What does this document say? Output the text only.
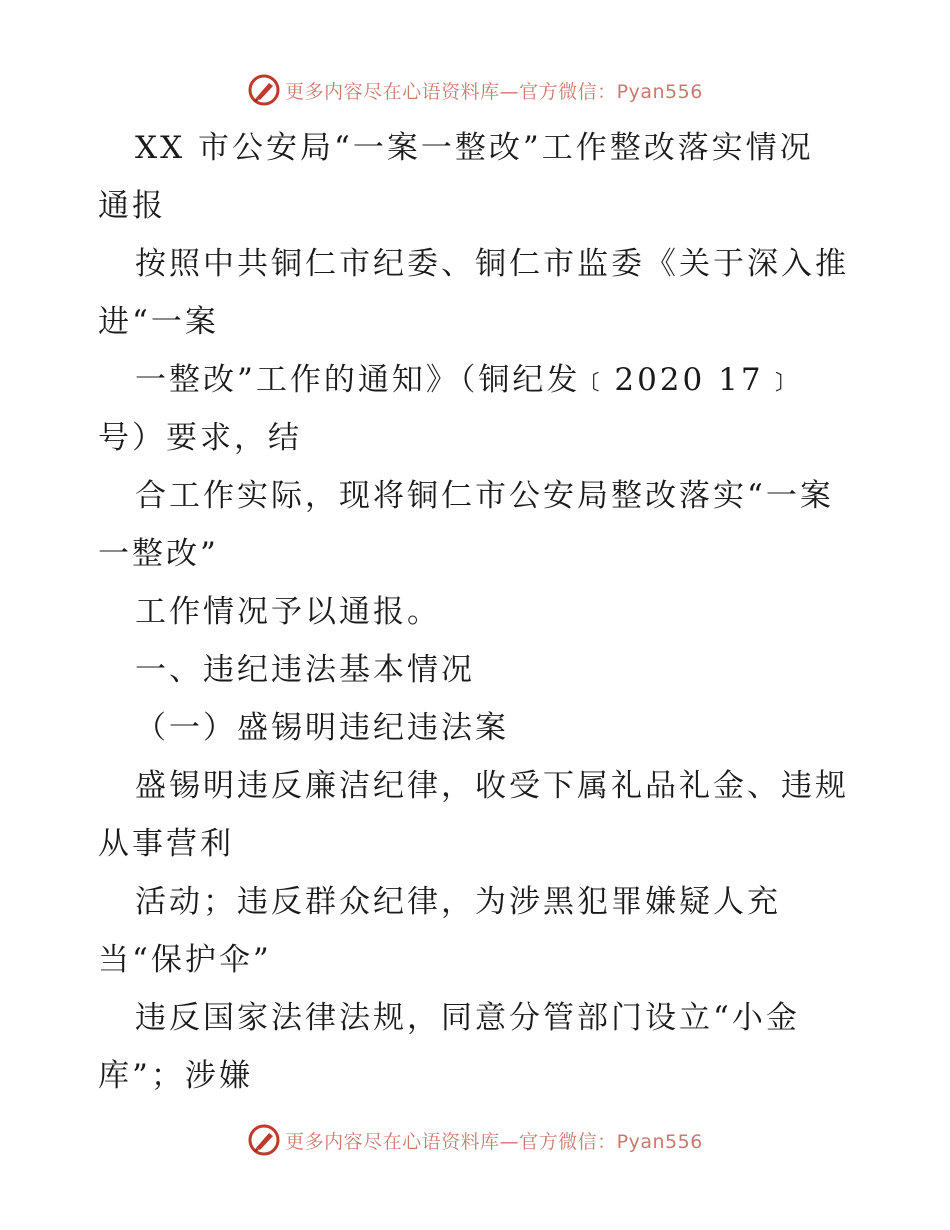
更多内容尽在心语资料库—官方微信：Pyan556
XX 市公安局“一案一整改”工作整改落实情况
通报
按照中共铜仁市纪委、铜仁市监委《关于深入推
进“一案
一整改”工作的通知》（铜纪发﹝2020 17﹞
号）要求，结
合工作实际，现将铜仁市公安局整改落实“一案
一整改”
工作情况予以通报。
一、违纪违法基本情况
（一）盛锡明违纪违法案
盛锡明违反廉洁纪律，收受下属礼品礼金、违规
从事营利
活动；违反群众纪律，为涉黑犯罪嫌疑人充
当“保护伞”
违反国家法律法规，同意分管部门设立“小金
库”；涉嫌
更多内容尽在心语资料库—官方微信：Pyan556
